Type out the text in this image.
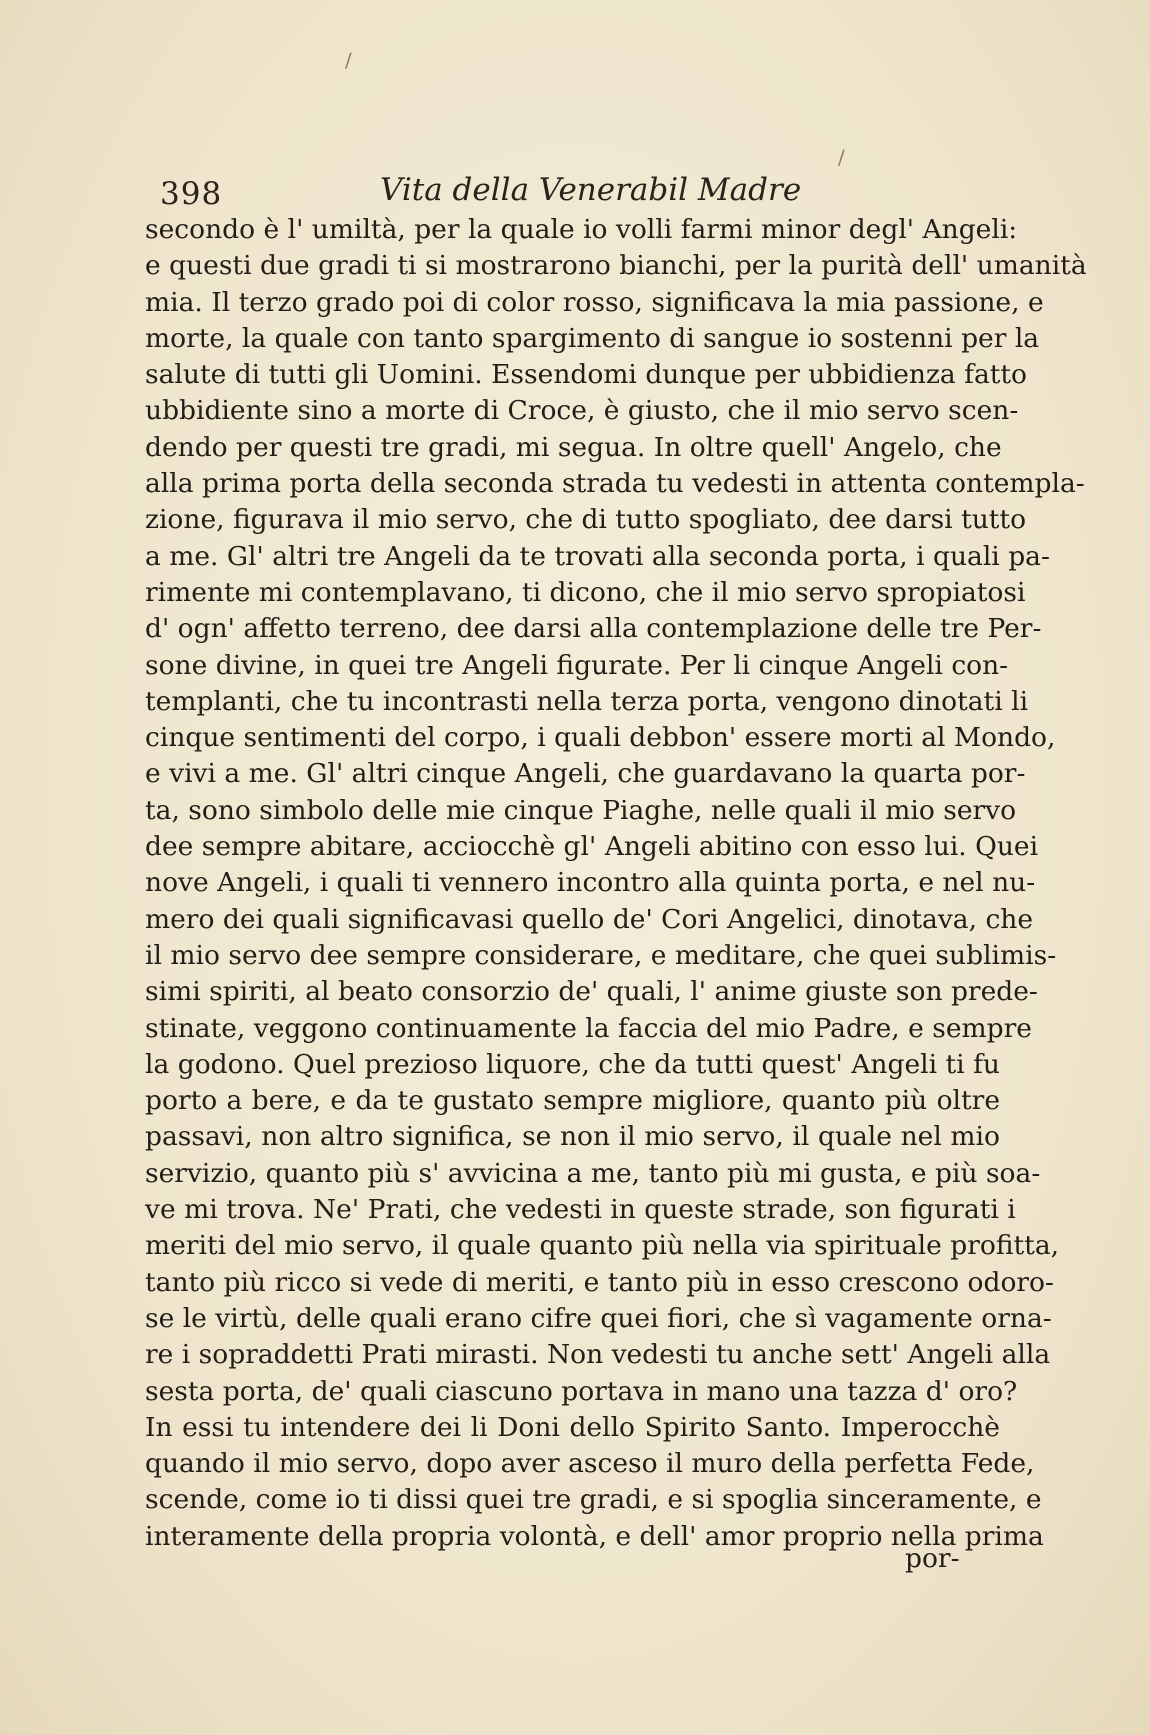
/
/
398	Vita della Venerabil Madre
secondo è l' umiltà, per la quale io volli farmi minor degl' Angeli:
e questi due gradi ti si mostrarono bianchi, per la purità dell' umanità
mia. Il terzo grado poi di color rosso, significava la mia passione, e
morte, la quale con tanto spargimento di sangue io sostenni per la
salute di tutti gli Uomini. Essendomi dunque per ubbidienza fatto
ubbidiente sino a morte di Croce, è giusto, che il mio servo scen-
dendo per questi tre gradi, mi segua. In oltre quell' Angelo, che
alla prima porta della seconda strada tu vedesti in attenta contempla-
zione, figurava il mio servo, che di tutto spogliato, dee darsi tutto
a me. Gl' altri tre Angeli da te trovati alla seconda porta, i quali pa-
rimente mi contemplavano, ti dicono, che il mio servo spropiatosi
d' ogn' affetto terreno, dee darsi alla contemplazione delle tre Per-
sone divine, in quei tre Angeli figurate. Per li cinque Angeli con-
templanti, che tu incontrasti nella terza porta, vengono dinotati li
cinque sentimenti del corpo, i quali debbon' essere morti al Mondo,
e vivi a me. Gl' altri cinque Angeli, che guardavano la quarta por-
ta, sono simbolo delle mie cinque Piaghe, nelle quali il mio servo
dee sempre abitare, acciocchè gl' Angeli abitino con esso lui. Quei
nove Angeli, i quali ti vennero incontro alla quinta porta, e nel nu-
mero dei quali significavasi quello de' Cori Angelici, dinotava, che
il mio servo dee sempre considerare, e meditare, che quei sublimis-
simi spiriti, al beato consorzio de' quali, l' anime giuste son prede-
stinate, veggono continuamente la faccia del mio Padre, e sempre
la godono. Quel prezioso liquore, che da tutti quest' Angeli ti fu
porto a bere, e da te gustato sempre migliore, quanto più oltre
passavi, non altro significa, se non il mio servo, il quale nel mio
servizio, quanto più s' avvicina a me, tanto più mi gusta, e più soa-
ve mi trova. Ne' Prati, che vedesti in queste strade, son figurati i
meriti del mio servo, il quale quanto più nella via spirituale profitta,
tanto più ricco si vede di meriti, e tanto più in esso crescono odoro-
se le virtù, delle quali erano cifre quei fiori, che sì vagamente orna-
re i sopraddetti Prati mirasti. Non vedesti tu anche sett' Angeli alla
sesta porta, de' quali ciascuno portava in mano una tazza d' oro?
In essi tu intendere dei li Doni dello Spirito Santo. Imperocchè
quando il mio servo, dopo aver asceso il muro della perfetta Fede,
scende, come io ti dissi quei tre gradi, e si spoglia sinceramente, e
interamente della propria volontà, e dell' amor proprio nella prima
por-
